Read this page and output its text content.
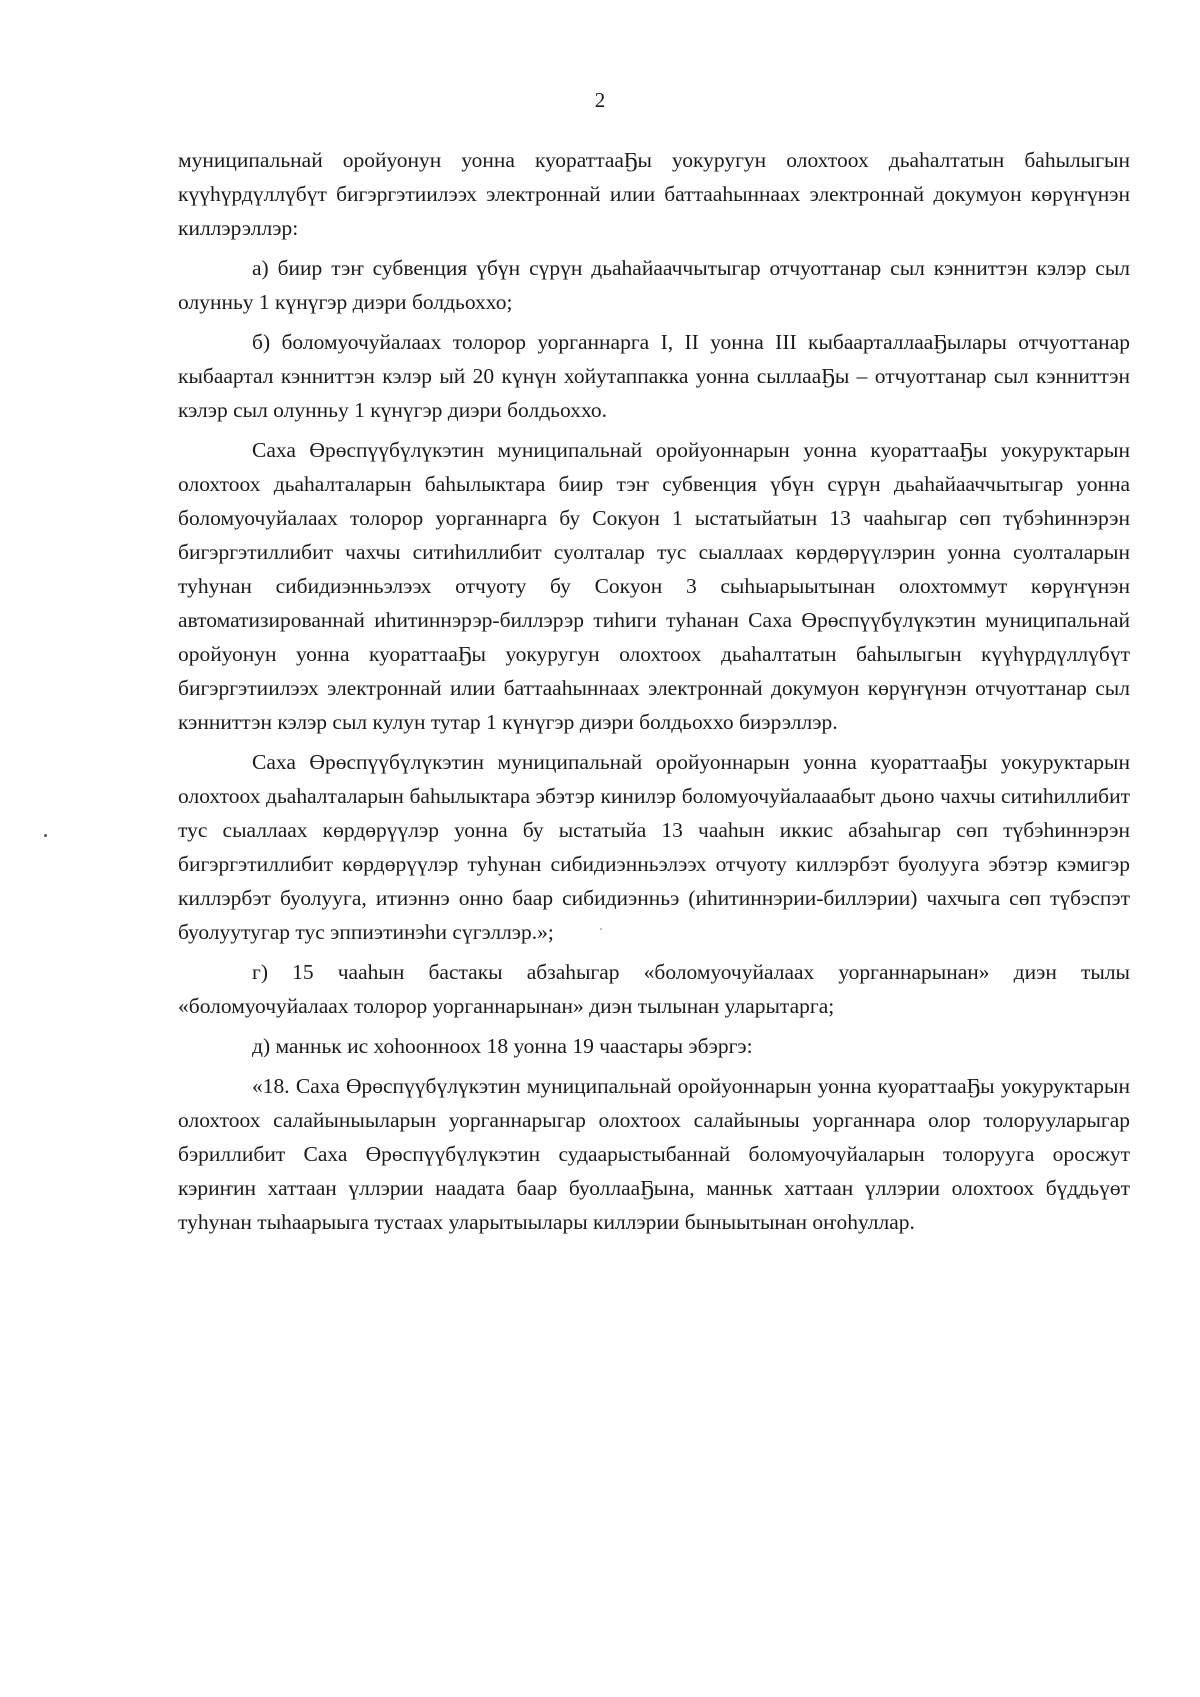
2

муниципальнай оройуонун уонна куораттааҔы уокуругун олохтоох дьаһалтатын баһылыгын күүһүрдүллүбүт бигэргэтиилээх электроннай илии баттааһыннаах электроннай докумуон көрүҥүнэн киллэрэллэр:

а) биир тэҥ субвенция үбүн сүрүн дьаһайааччытыгар отчуоттанар сыл кэнниттэн кэлэр сыл олунньу 1 күнүгэр диэри болдьоххо;

б) боломуочуйалаах толорор уорганнарга I, II уонна III кыбаарталлааҔылары отчуоттанар кыбаартал кэнниттэн кэлэр ый 20 күнүн хойутаппакка уонна сыллааҔы – отчуоттанар сыл кэнниттэн кэлэр сыл олунньу 1 күнүгэр диэри болдьоххо.

Саха Өрөспүүбүлүкэтин муниципальнай оройуоннарын уонна куораттааҔы уокуруктарын олохтоох дьаһалталарын баһылыктара биир тэҥ субвенция үбүн сүрүн дьаһайааччытыгар уонна боломуочуйалаах толорор уорганнарга бу Сокуон 1 ыстатыйатын 13 чааһыгар сөп түбэһиннэрэн бигэргэтиллибит чахчы ситиһиллибит суолталар тус сыаллаах көрдөрүүлэрин уонна суолталарын туһунан сибидиэнньэлээх отчуоту бу Сокуон 3 сыһыарыытынан олохтоммут көрүҥүнэн автоматизированнай иһитиннэрэр-биллэрэр тиһиги туһанан Саха Өрөспүүбүлүкэтин муниципальнай оройуонун уонна куораттааҔы уокуругун олохтоох дьаһалтатын баһылыгын күүһүрдүллүбүт бигэргэтиилээх электроннай илии баттааһыннаах электроннай докумуон көрүҥүнэн отчуоттанар сыл кэнниттэн кэлэр сыл кулун тутар 1 күнүгэр диэри болдьоххо биэрэллэр.

Саха Өрөспүүбүлүкэтин муниципальнай оройуоннарын уонна куораттааҔы уокуруктарын олохтоох дьаһалталарын баһылыктара эбэтэр кинилэр боломуочуйалааабыт дьоно чахчы ситиһиллибит тус сыаллаах көрдөрүүлэр уонна бу ыстатыйа 13 чааһын иккис абзаһыгар сөп түбэһиннэрэн бигэргэтиллибит көрдөрүүлэр туһунан сибидиэнньэлээх отчуоту киллэрбэт буолууга эбэтэр кэмигэр киллэрбэт буолууга, итиэннэ онно баар сибидиэнньэ (иһитиннэрии-биллэрии) чахчыга сөп түбэспэт буолуутугар тус эппиэтинэһи сүгэллэр.»;

г) 15 чааһын бастакы абзаһыгар «боломуочуйалаах уорганнарынан» диэн тылы «боломуочуйалаах толорор уорганнарынан» диэн тылынан уларытарга;

д) манньк ис хоһоонноох 18 уонна 19 чаастары эбэргэ:

«18. Саха Өрөспүүбүлүкэтин муниципальнай оройуоннарын уонна куораттааҔы уокуруктарын олохтоох салайыныыларын уорганнарыгар олохтоох салайыныы уорганнара олор толорууларыгар бэриллибит Саха Өрөспүүбүлүкэтин судаарыстыбаннай боломуочуйаларын толорууга оросжут кэриҥин хаттаан үллэрии наадата баар буоллааҔына, манньк хаттаан үллэрии олохтоох бүддьүөт туһунан тыһаарыыга тустаах уларытыылары киллэрии быныытынан оҥоһуллар.
